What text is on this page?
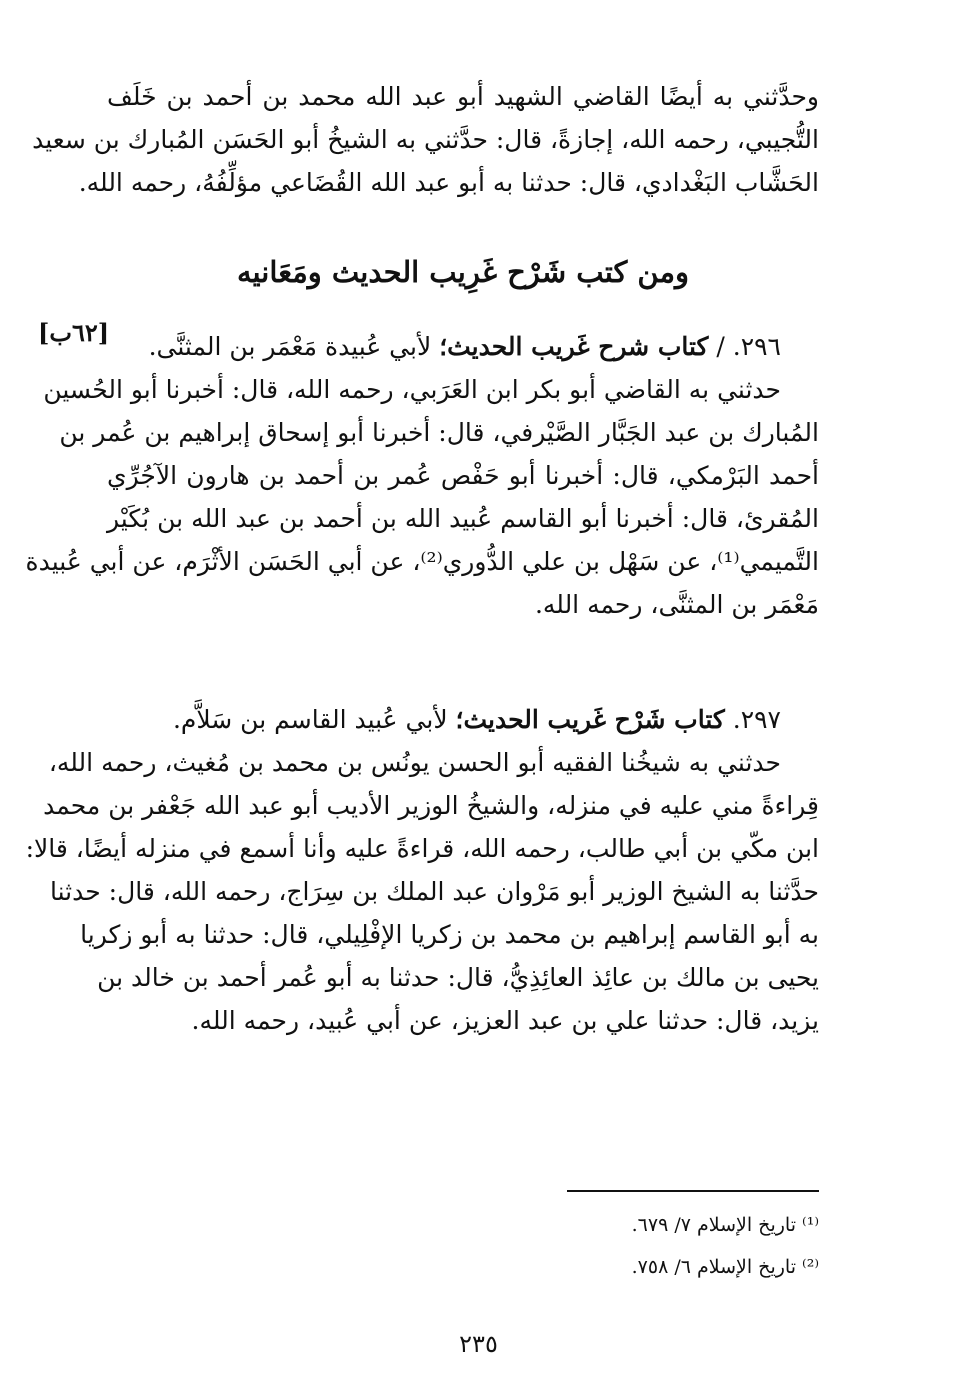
وحدَّثني به أيضًا القاضي الشهيد أبو عبد الله محمد بن أحمد بن خَلَف
التُّجيبي، رحمه الله، إجازةً، قال: حدَّثني به الشيخُ أبو الحَسَن المُبارك بن سعيد
الحَشَّاب البَغْدادي، قال: حدثنا به أبو عبد الله القُضَاعي مؤلِّفُهُ، رحمه الله.
ومن كتب شَرْح غَرِيب الحديث ومَعَانيه
[٦٢ب]	٢٩٦. / كتاب شرح غَريب الحديث؛ لأبي عُبيدة مَعْمَر بن المثنَّى.
حدثني به القاضي أبو بكر ابن العَرَبي، رحمه الله، قال: أخبرنا أبو الحُسين
المُبارك بن عبد الجَبَّار الصَّيْرفي، قال: أخبرنا أبو إسحاق إبراهيم بن عُمر بن
أحمد البَرْمكي، قال: أخبرنا أبو حَفْص عُمر بن أحمد بن هارون الآجُرِّي
المُقرئ، قال: أخبرنا أبو القاسم عُبيد الله بن أحمد بن عبد الله بن بُكَيْر
التَّميمي⁽¹⁾، عن سَهْل بن علي الدُّوري⁽²⁾، عن أبي الحَسَن الأثْرَم، عن أبي عُبيدة
مَعْمَر بن المثنَّى، رحمه الله.
٢٩٧. كتاب شَرْح غَريب الحديث؛ لأبي عُبيد القاسم بن سَلاَّم.
حدثني به شيخُنا الفقيه أبو الحسن يونُس بن محمد بن مُغيث، رحمه الله،
قِراءةً مني عليه في منزله، والشيخُ الوزير الأديب أبو عبد الله جَعْفر بن محمد
ابن مكّي بن أبي طالب، رحمه الله، قراءةً عليه وأنا أسمع في منزله أيضًا، قالا:
حدَّثنا به الشيخ الوزير أبو مَرْوان عبد الملك بن سِرَاج، رحمه الله، قال: حدثنا
به أبو القاسم إبراهيم بن محمد بن زكريا الإفْلِيلي، قال: حدثنا به أبو زكريا
يحيى بن مالك بن عائِذ العائِذِيُّ، قال: حدثنا به أبو عُمر أحمد بن خالد بن
يزيد، قال: حدثنا علي بن عبد العزيز، عن أبي عُبيد، رحمه الله.
⁽¹⁾ تاريخ الإسلام ٧/ ٦٧٩.
⁽²⁾ تاريخ الإسلام ٦/ ٧٥٨.
٢٣٥
